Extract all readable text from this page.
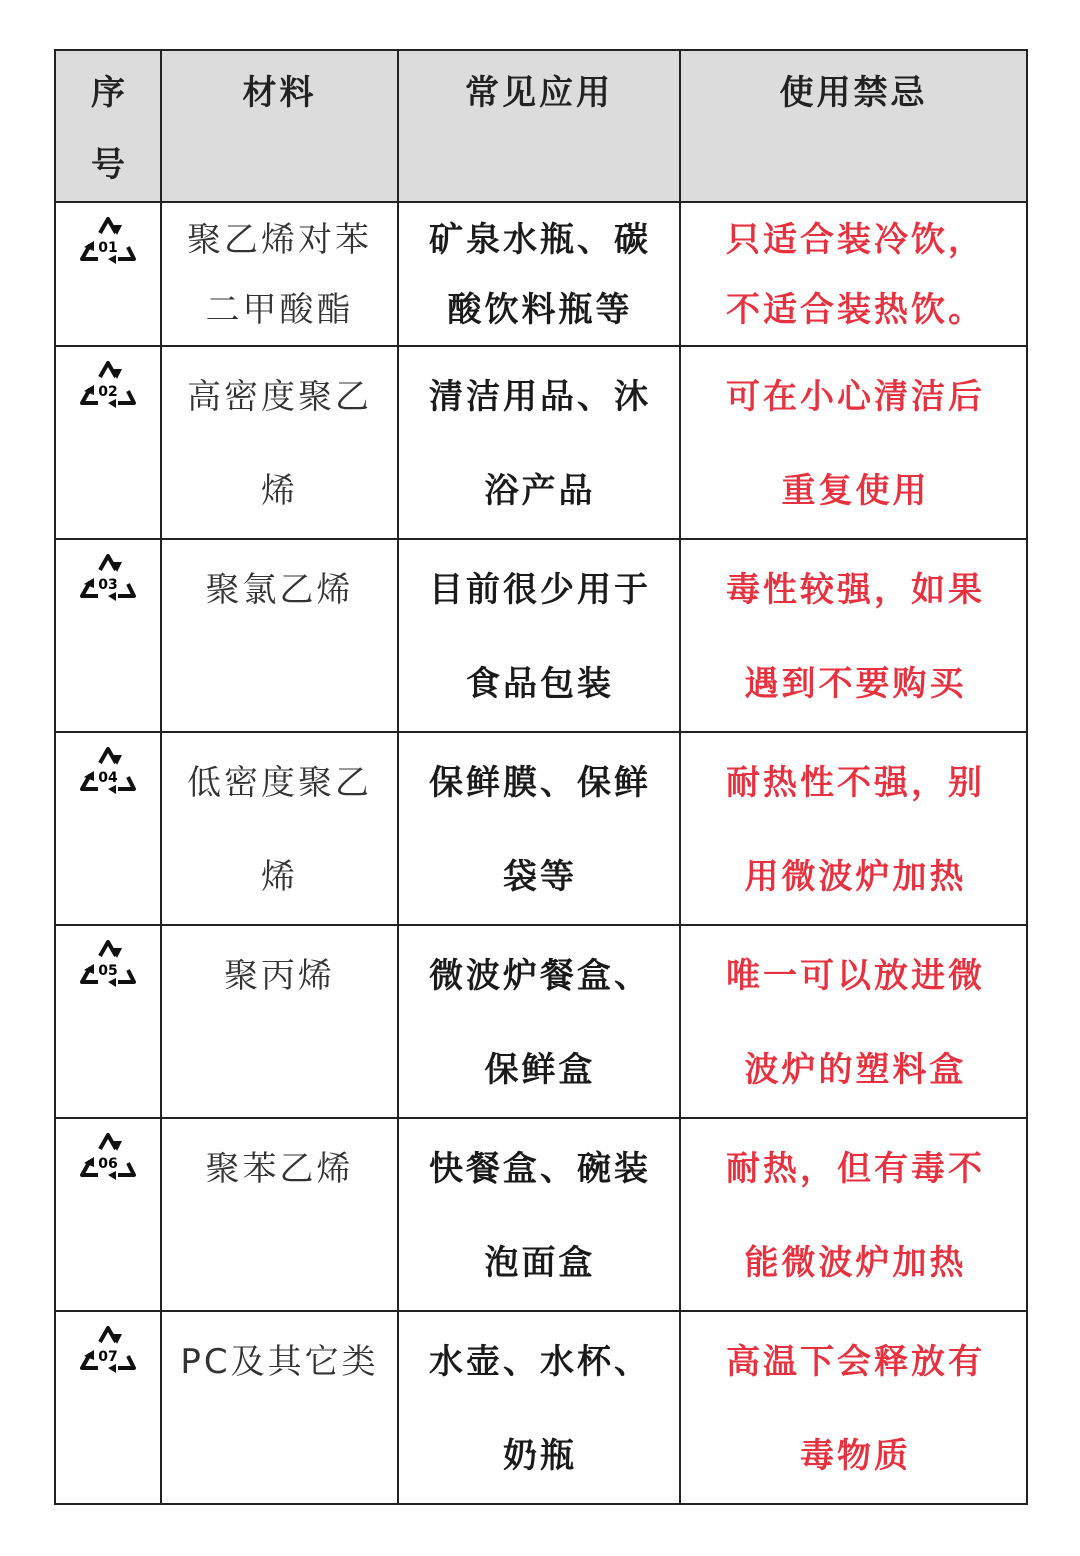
序号	材料	常见应用	使用禁忌

01	聚乙烯对苯二甲酸酯	矿泉水瓶、碳酸饮料瓶等	只适合装冷饮，不适合装热饮。

02	高密度聚乙烯	清洁用品、沐浴产品	可在小心清洁后重复使用

03	聚氯乙烯	目前很少用于食品包装	毒性较强，如果遇到不要购买

04	低密度聚乙烯	保鲜膜、保鲜袋等	耐热性不强，别用微波炉加热

05	聚丙烯	微波炉餐盒、保鲜盒	唯一可以放进微波炉的塑料盒

06	聚苯乙烯	快餐盒、碗装泡面盒	耐热，但有毒不能微波炉加热

07	PC及其它类	水壶、水杯、奶瓶	高温下会释放有毒物质
